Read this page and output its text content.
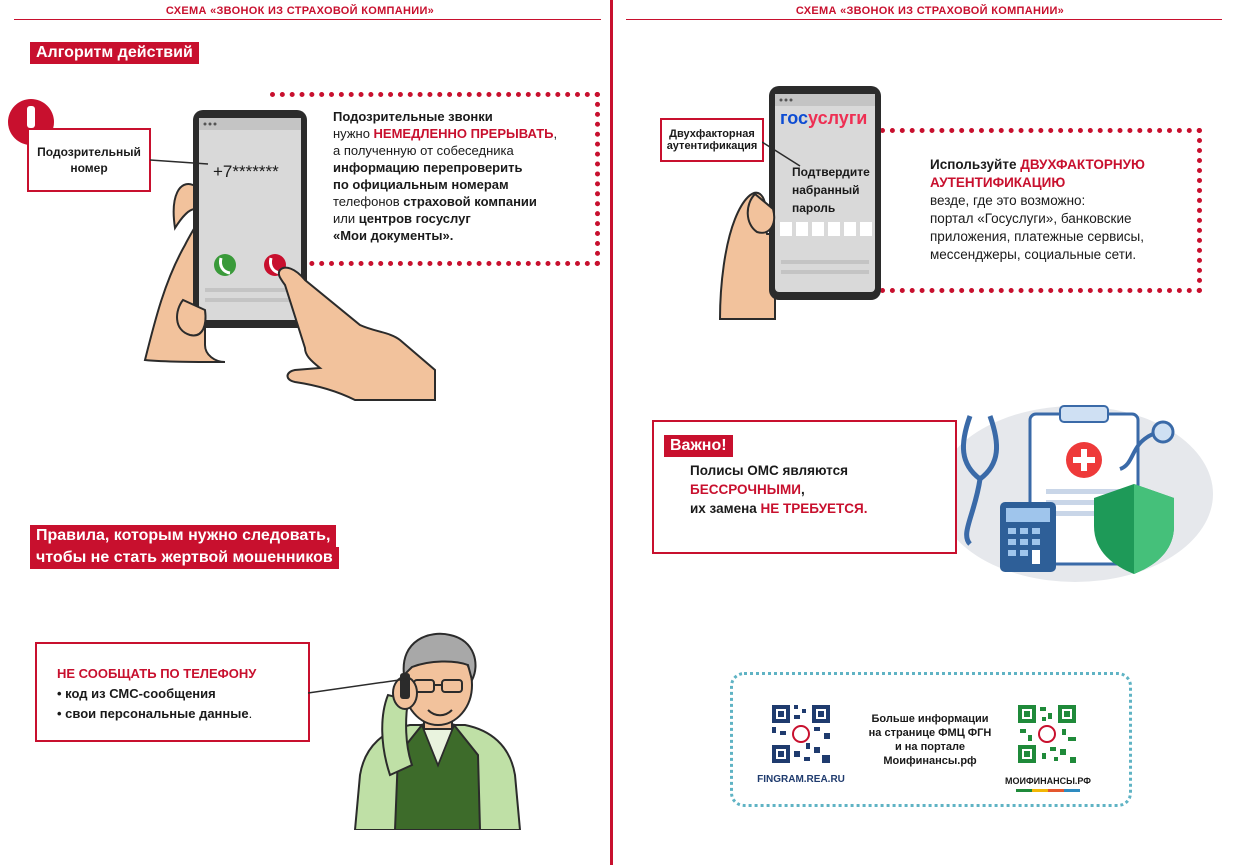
СХЕМА «ЗВОНОК ИЗ СТРАХОВОЙ КОМПАНИИ»	СХЕМА «ЗВОНОК ИЗ СТРАХОВОЙ КОМПАНИИ»
Алгоритм действий
Подозрительный
номер	+7*******
Подозрительные звонки
нужно НЕМЕДЛЕННО ПРЕРЫВАТЬ,
а полученную от собеседника
информацию перепроверить
по официальным номерам
телефонов страховой компании
или центров госуслуг
«Мои документы».
Правила, которым нужно следовать,
чтобы не стать жертвой мошенников
НЕ СООБЩАТЬ ПО ТЕЛЕФОНУ
• код из СМС-сообщения
• свои персональные данные.
госуслуги
Двухфакторная
аутентификация
Подтвердите
набранный
пароль
Используйте ДВУХФАКТОРНУЮ
АУТЕНТИФИКАЦИЮ
везде, где это возможно:
портал «Госуслуги», банковские
приложения, платежные сервисы,
мессенджеры, социальные сети.
Важно!
Полисы ОМС являются
БЕССРОЧНЫМИ,
их замена НЕ ТРЕБУЕТСЯ.
FINGRAM.REA.RU
Больше информации
на странице ФМЦ ФГН
и на портале
Моифинансы.рф
МОИФИНАНСЫ.РФ
